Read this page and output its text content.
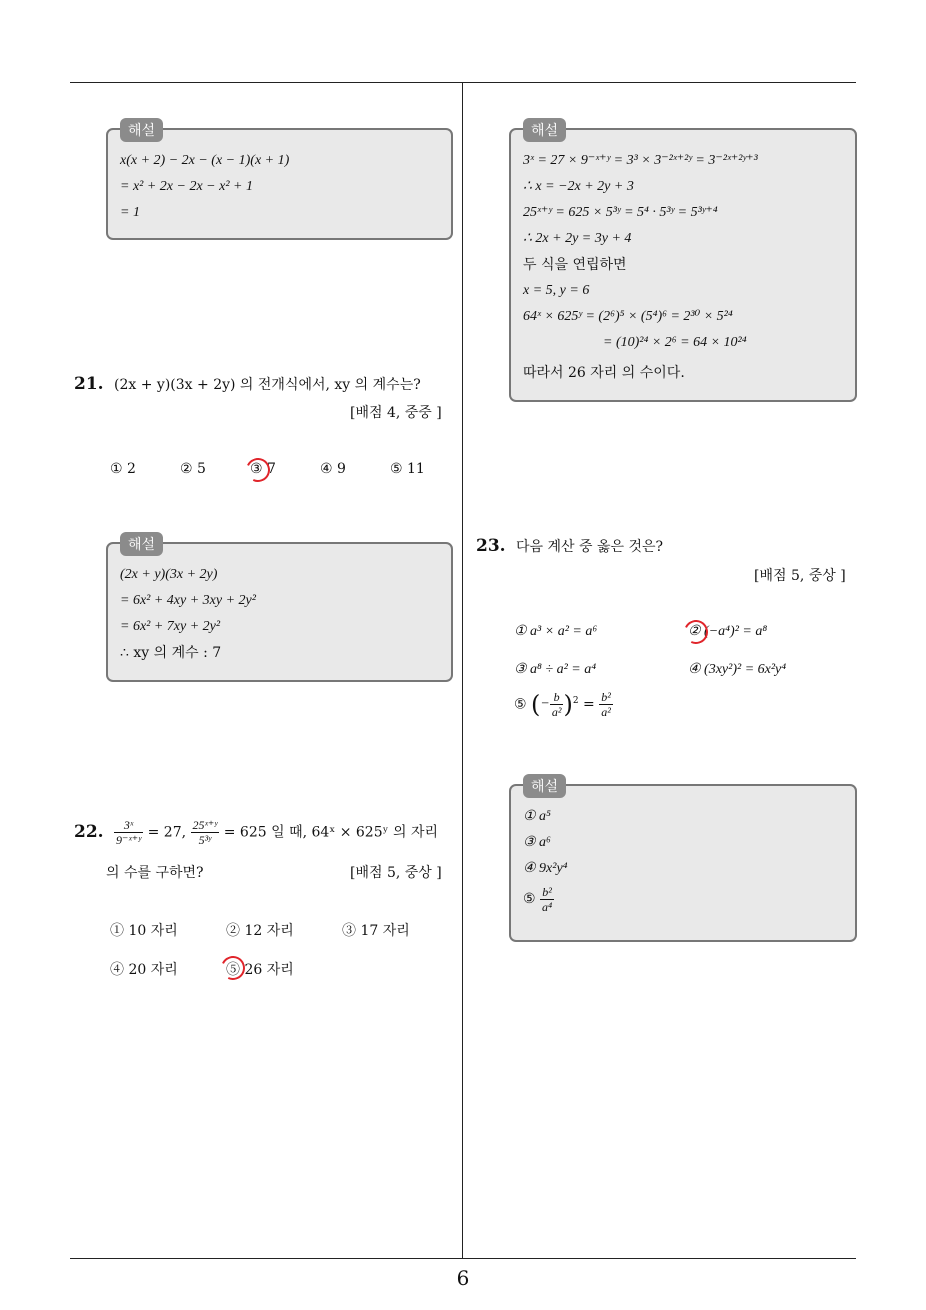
해설
x(x + 2) − 2x − (x − 1)(x + 1)
= x² + 2x − 2x − x² + 1
= 1
21. (2x + y)(3x + 2y) 의 전개식에서, xy 의 계수는?
[배점 4, 중중 ]
① 2	② 5	③ 7	④ 9	⑤ 11
해설
(2x + y)(3x + 2y)
= 6x² + 4xy + 3xy + 2y²
= 6x² + 7xy + 2y²
∴ xy 의 계수 : 7
22. $\frac{\text{3ˣ}}{\text{9⁻ˣ⁺ʸ}} = 27$, $\frac{\text{25ˣ⁺ʸ}}{\text{5³ʸ}} = 625$ 일 때, 64ˣ × 625ʸ 의 자리
의 수를 구하면?	[배점 5, 중상 ]
① 10 자리	② 12 자리	③ 17 자리
④ 20 자리	⑤ 26 자리
해설
3ˣ = 27 × 9⁻ˣ⁺ʸ = 3³ × 3⁻²ˣ⁺²ʸ = 3⁻²ˣ⁺²ʸ⁺³
∴ x = −2x + 2y + 3
25ˣ⁺ʸ = 625 × 5³ʸ = 5⁴ · 5³ʸ = 5³ʸ⁺⁴
∴ 2x + 2y = 3y + 4
두 식을 연립하면
x = 5, y = 6
64ˣ × 625ʸ = (2⁶)⁵ × (5⁴)⁶ = 2³⁰ × 5²⁴
= (10)²⁴ × 2⁶ = 64 × 10²⁴
따라서 26 자리 의 수이다.
23. 다음 계산 중 옳은 것은?
[배점 5, 중상 ]
① a³ × a² = a⁶	② (−a⁴)² = a⁸
③ a⁸ ÷ a² = a⁴	④ (3xy²)² = 6x²y⁴
⑤ (− $\frac{b}{\text{a²}} )^2 = \frac{\text{b²}}{\text{a²}}$
해설
① a⁵
③ a⁶
④ 9x²y⁴
⑤ $\frac{\text{b²}}{\text{a⁴}}$
6
